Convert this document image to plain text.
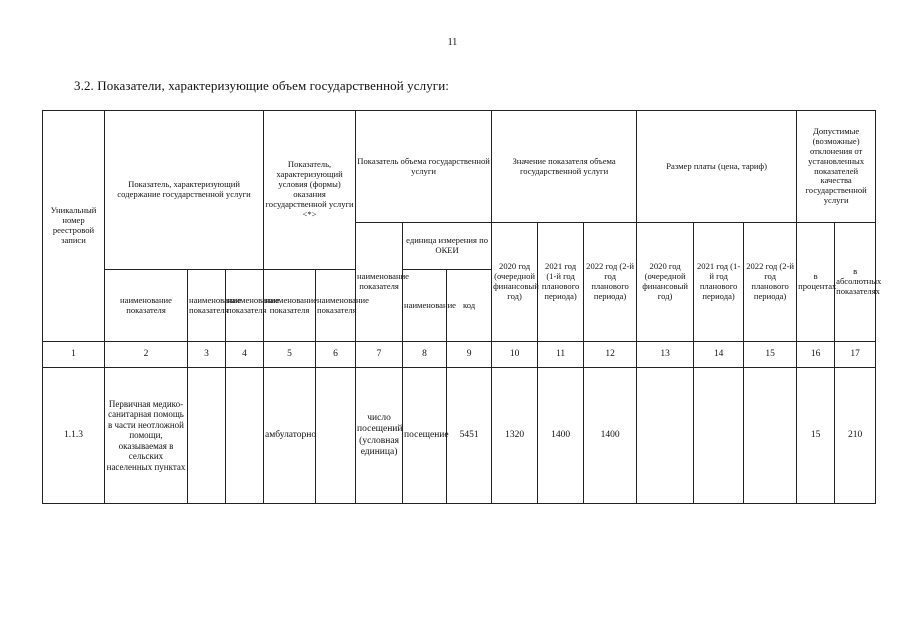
11
3.2. Показатели, характеризующие объем государственной услуги:
Уникальный номер реестровой записи	Показатель, характеризующий содержание государственной услуги			Показатель, характеризующий условия (формы) оказания государственной услуги <*>		Показатель объема государственной услуги			Значение показателя объема государственной услуги			Размер платы (цена, тариф)			Допустимые (возможные) отклонения от установленных показателей качества государственной услуги	
						наименование показателя	единица измерения по ОКЕИ		2020 год (очередной финансовый год)	2021 год (1-й год планового периода)	2022 год (2-й год планового периода)	2020 год (очередной финансовый год)	2021 год (1-й год планового периода)	2022 год (2-й год планового периода)	в процентах	в абсолютных показателях
	наименование показателя	наименование показателя	наименование показателя	наименование показателя	наименование показателя		наименование	код								
1	2	3	4	5	6	7	8	9	10	11	12	13	14	15	16	17
1.1.3	Первичная медико-санитарная помощь в части неотложной помощи, оказываемая в сельских населенных пунктах			амбулаторно		число посещений (условная единица)	посещение	5451	1320	1400	1400				15	210
